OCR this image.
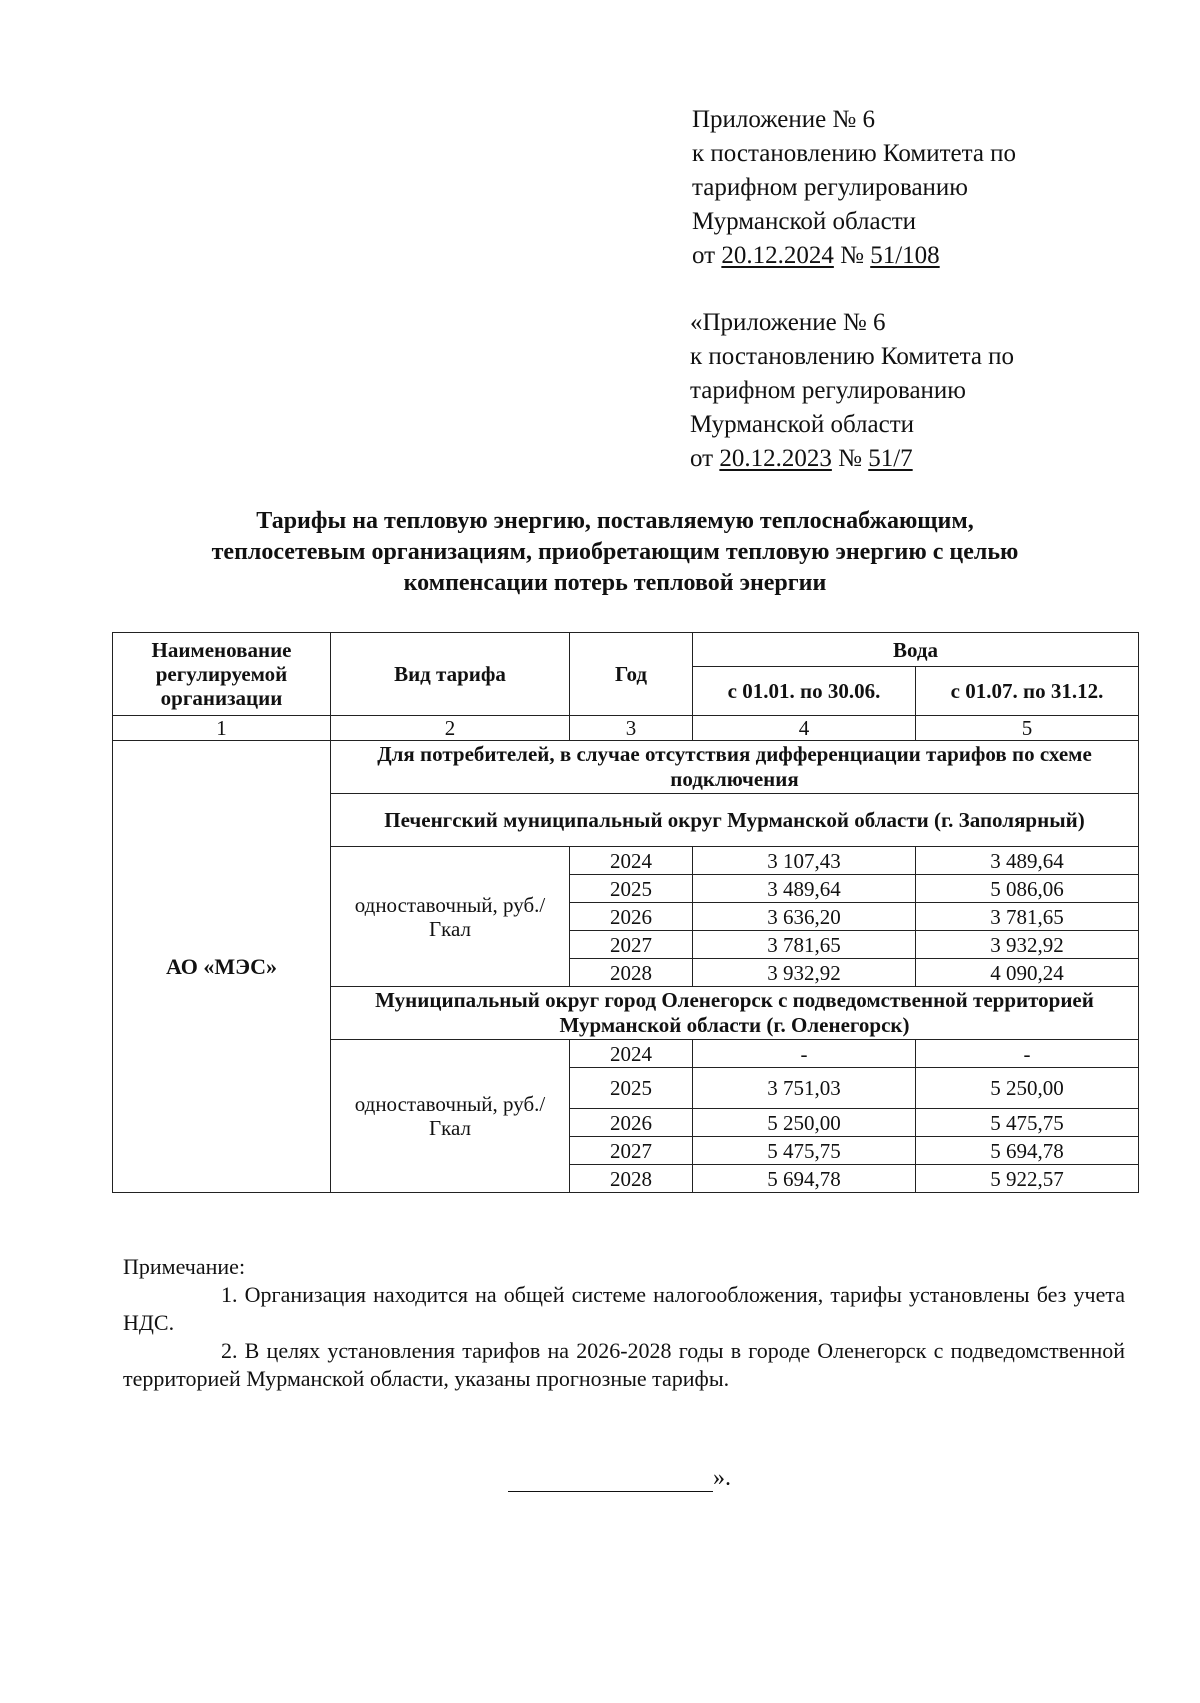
Приложение № 6
к постановлению Комитета по
тарифном регулированию
Мурманской области
от 20.12.2024 № 51/108
«Приложение № 6
к постановлению Комитета по
тарифном регулированию
Мурманской области
от 20.12.2023 № 51/7
Тарифы на тепловую энергию, поставляемую теплоснабжающим,
теплосетевым организациям, приобретающим тепловую энергию с целью
компенсации потерь тепловой энергии
Наименование регулируемой организации	Вид тарифа	Год	Вода	
			с 01.01. по 30.06.	с 01.07. по 31.12.
1	2	3	4	5
АО «МЭС»	Для потребителей, в случае отсутствия дифференциации тарифов по схеме подключения			
	Печенгский муниципальный округ Мурманской области (г. Заполярный)			
	одноставочный, руб./Гкал	2024	3 107,43	3 489,64
		2025	3 489,64	5 086,06
		2026	3 636,20	3 781,65
		2027	3 781,65	3 932,92
		2028	3 932,92	4 090,24
	Муниципальный округ город Оленегорск с подведомственной территорией Мурманской области (г. Оленегорск)			
	одноставочный, руб./Гкал	2024	-	-
		2025	3 751,03	5 250,00
		2026	5 250,00	5 475,75
		2027	5 475,75	5 694,78
		2028	5 694,78	5 922,57

Примечание:

1. Организация находится на общей системе налогообложения, тарифы установлены без учета НДС.

2. В целях установления тарифов на 2026-2028 годы в городе Оленегорск с подведомственной территорией Мурманской области, указаны прогнозные тарифы.

».
